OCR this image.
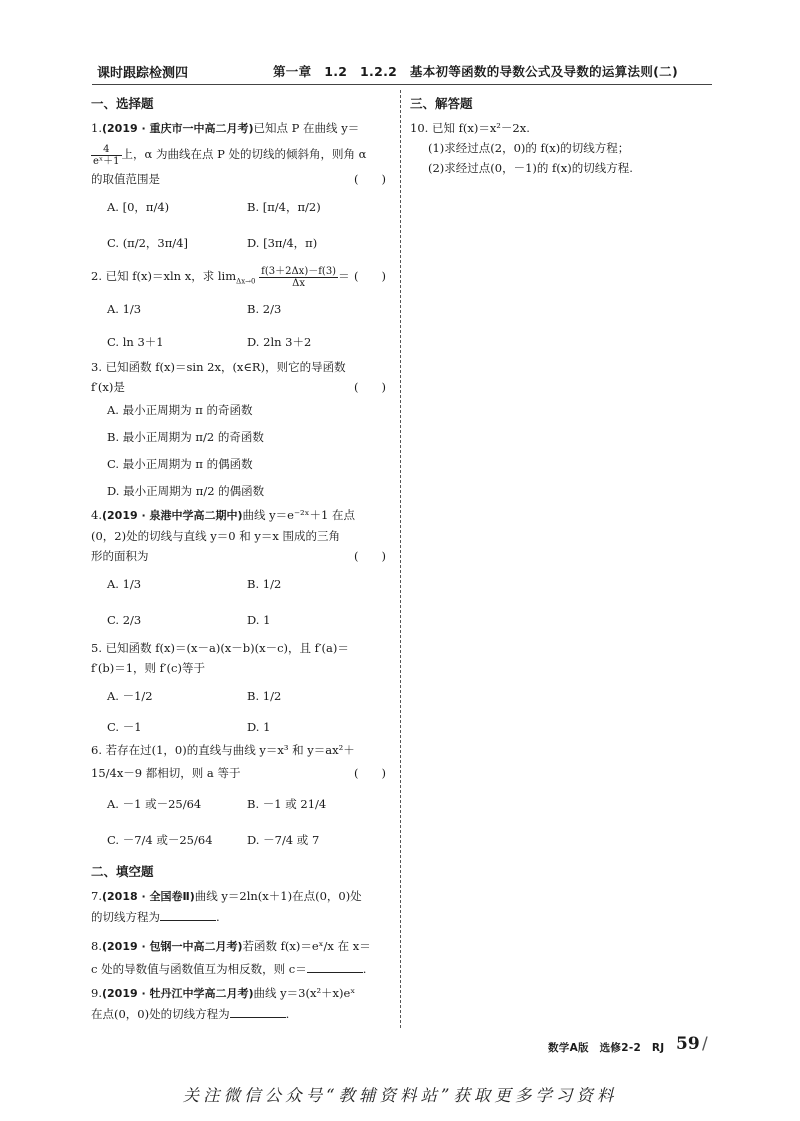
课时跟踪检测四	第一章　1.2　1.2.2　基本初等函数的导数公式及导数的运算法则(二)
一、选择题
1.(2019 · 重庆市一中高二月考)已知点 P 在曲线 y＝
$\frac{4}{\text{eˣ＋1}}$ 上，α 为曲线在点 P 处的切线的倾斜角，则角 α
的取值范围是	(　　)
A. [0，π/4)	B. [π/4，π/2)
C. (π/2，3π/4]	D. [3π/4，π)
2. 已知 f(x)＝xln x，求 $\lim_{\Delta x\to 0} \frac{f(3+2\Delta x)-f(3)}{\Delta x}$ ＝ (　　)
A. 1/3	B. 2/3
C. ln 3＋1	D. 2ln 3＋2
3. 已知函数 f(x)＝sin 2x，(x∈R)，则它的导函数
f′(x)是	(　　)
A. 最小正周期为 π 的奇函数
B. 最小正周期为 π/2 的奇函数
C. 最小正周期为 π 的偶函数
D. 最小正周期为 π/2 的偶函数
4.(2019 · 泉港中学高二期中)曲线 y＝e⁻²ˣ＋1 在点
(0，2)处的切线与直线 y＝0 和 y＝x 围成的三角
形的面积为	(　　)
A. 1/3	B. 1/2
C. 2/3	D. 1
5. 已知函数 f(x)＝(x－a)(x－b)(x－c)，且 f′(a)＝
f′(b)＝1，则 f′(c)等于
A. －1/2	B. 1/2
C. －1	D. 1
6. 若存在过(1，0)的直线与曲线 y＝x³ 和 y＝ax²＋
15/4x－9 都相切，则 a 等于	(　　)
A. －1 或－25/64	B. －1 或 21/4
C. －7/4 或－25/64	D. －7/4 或 7
二、填空题
7.(2018 · 全国卷Ⅱ)曲线 y＝2ln(x＋1)在点(0，0)处
的切线方程为	.
8.(2019 · 包钢一中高二月考)若函数 f(x)＝eˣ/x 在 x＝
c 处的导数值与函数值互为相反数，则 c＝	.
9.(2019 · 牡丹江中学高二月考)曲线 y＝3(x²＋x)eˣ
在点(0，0)处的切线方程为	.
三、解答题
10. 已知 f(x)＝x²－2x.
(1)求经过点(2，0)的 f(x)的切线方程；
(2)求经过点(0，－1)的 f(x)的切线方程.
数学A版　选修2-2　RJ 59 /
关注微信公众号“教辅资料站”获取更多学习资料
